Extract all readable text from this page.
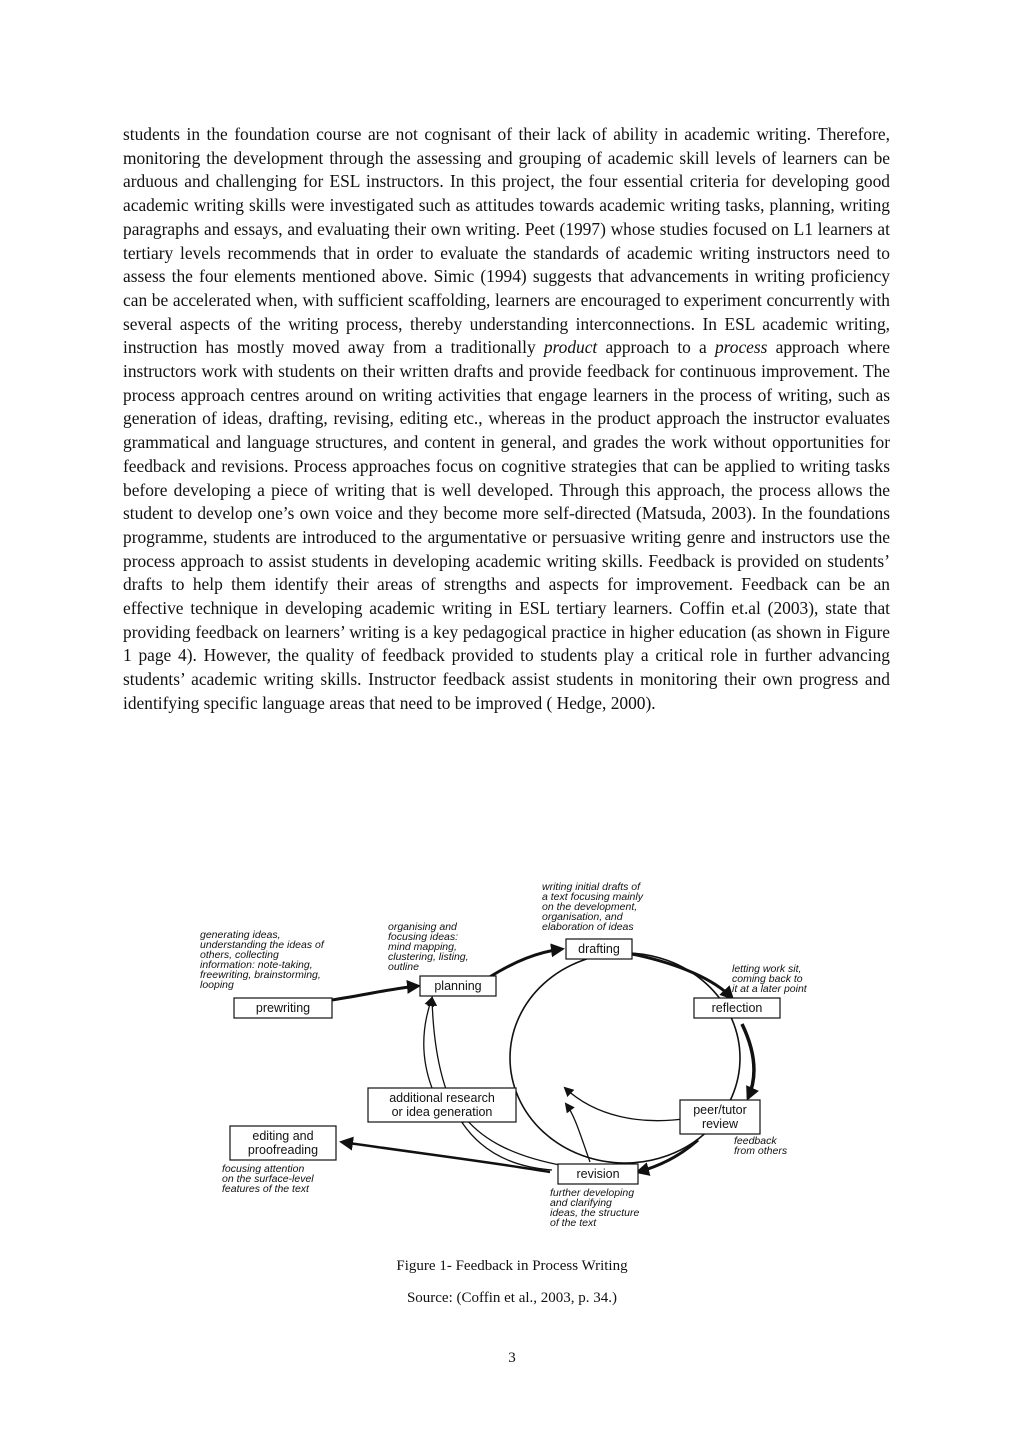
students in the foundation course are not cognisant of their lack of ability in academic writing. Therefore, monitoring the development through the assessing and grouping of academic skill levels of learners can be arduous and challenging for ESL instructors. In this project, the four essential criteria for developing good academic writing skills were investigated such as attitudes towards academic writing tasks, planning, writing paragraphs and essays, and evaluating their own writing. Peet (1997) whose studies focused on L1 learners at tertiary levels recommends that in order to evaluate the standards of academic writing instructors need to assess the four elements mentioned above. Simic (1994) suggests that advancements in writing proficiency can be accelerated when, with sufficient scaffolding, learners are encouraged to experiment concurrently with several aspects of the writing process, thereby understanding interconnections. In ESL academic writing, instruction has mostly moved away from a traditionally product approach to a process approach where instructors work with students on their written drafts and provide feedback for continuous improvement. The process approach centres around on writing activities that engage learners in the process of writing, such as generation of ideas, drafting, revising, editing etc., whereas in the product approach the instructor evaluates grammatical and language structures, and content in general, and grades the work without opportunities for feedback and revisions. Process approaches focus on cognitive strategies that can be applied to writing tasks before developing a piece of writing that is well developed. Through this approach, the process allows the student to develop one’s own voice and they become more self-directed (Matsuda, 2003). In the foundations programme, students are introduced to the argumentative or persuasive writing genre and instructors use the process approach to assist students in developing academic writing skills. Feedback is provided on students’ drafts to help them identify their areas of strengths and aspects for improvement. Feedback can be an effective technique in developing academic writing in ESL tertiary learners. Coffin et.al (2003), state that providing feedback on learners’ writing is a key pedagogical practice in higher education (as shown in Figure 1 page 4). However, the quality of feedback provided to students play a critical role in further advancing students’ academic writing skills. Instructor feedback assist students in monitoring their own progress and identifying specific language areas that need to be improved ( Hedge, 2000).

prewriting
planning
drafting
reflection
peer/tutor
review
revision
additional research
or idea generation
editing and
proofreading
generating ideas,
understanding the ideas of
others, collecting
information: note-taking,
freewriting, brainstorming,
looping
organising and
focusing ideas:
mind mapping,
clustering, listing,
outline
writing initial drafts of
a text focusing mainly
on the development,
organisation, and
elaboration of ideas
letting work sit,
coming back to
it at a later point
feedback
from others
further developing
and clarifying
ideas, the structure
of the text
focusing attention
on the surface-level
features of the text
Figure 1- Feedback in Process Writing
Source: (Coffin et al., 2003, p. 34.)
3
